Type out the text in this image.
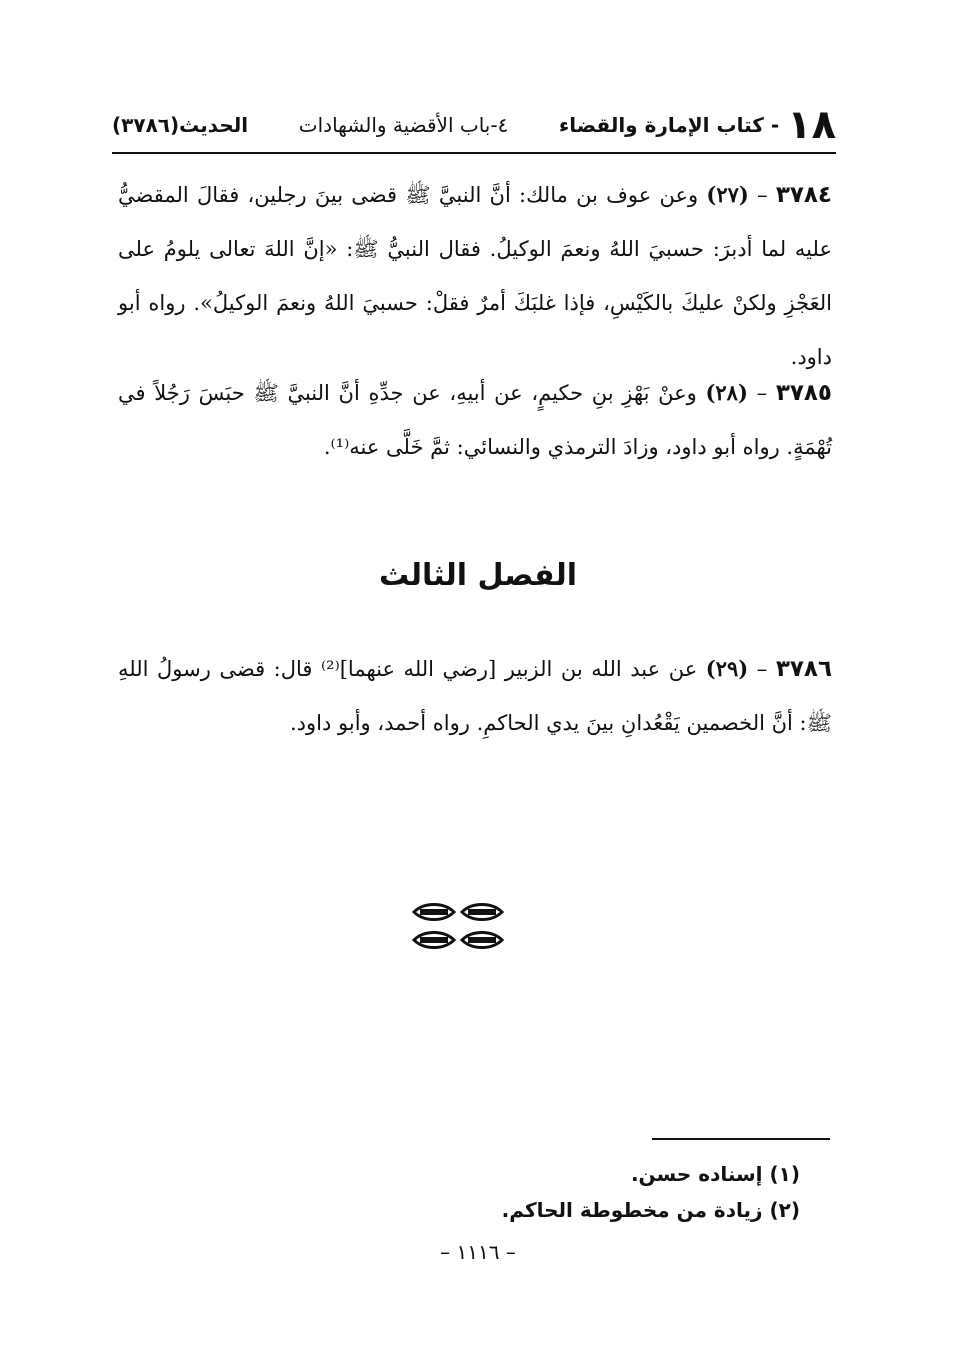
١٨
- كتاب الإمارة والقضاء
٤-باب الأقضية والشهادات
الحديث(٣٧٨٦)
٣٧٨٤ – (٢٧) وعن عوف بن مالك: أنَّ النبيَّ ﷺ قضى بينَ رجلين، فقالَ المقضيُّ عليه لما أدبرَ: حسبيَ اللهُ ونعمَ الوكيلُ. فقال النبيُّ ﷺ: «إنَّ اللهَ تعالى يلومُ على العَجْزِ ولكنْ عليكَ بالكَيْسِ، فإذا غلبَكَ أمرٌ فقلْ: حسبيَ اللهُ ونعمَ الوكيلُ». رواه أبو داود.
٣٧٨٥ – (٢٨) وعنْ بَهْزِ بنِ حكيمٍ، عن أبيهِ، عن جدِّهِ أنَّ النبيَّ ﷺ حبَسَ رَجُلاً في تُهْمَةٍ. رواه أبو داود، وزادَ الترمذي والنسائي: ثمَّ خَلَّى عنه⁽¹⁾.
الفصل الثالث
٣٧٨٦ – (٢٩) عن عبد الله بن الزبير [رضي الله عنهما]⁽²⁾ قال: قضى رسولُ اللهِ ﷺ: أنَّ الخصمين يَقْعُدانِ بينَ يدي الحاكمِ. رواه أحمد، وأبو داود.
(١) إسناده حسن.
(٢) زيادة من مخطوطة الحاكم.
– ١١١٦ –
